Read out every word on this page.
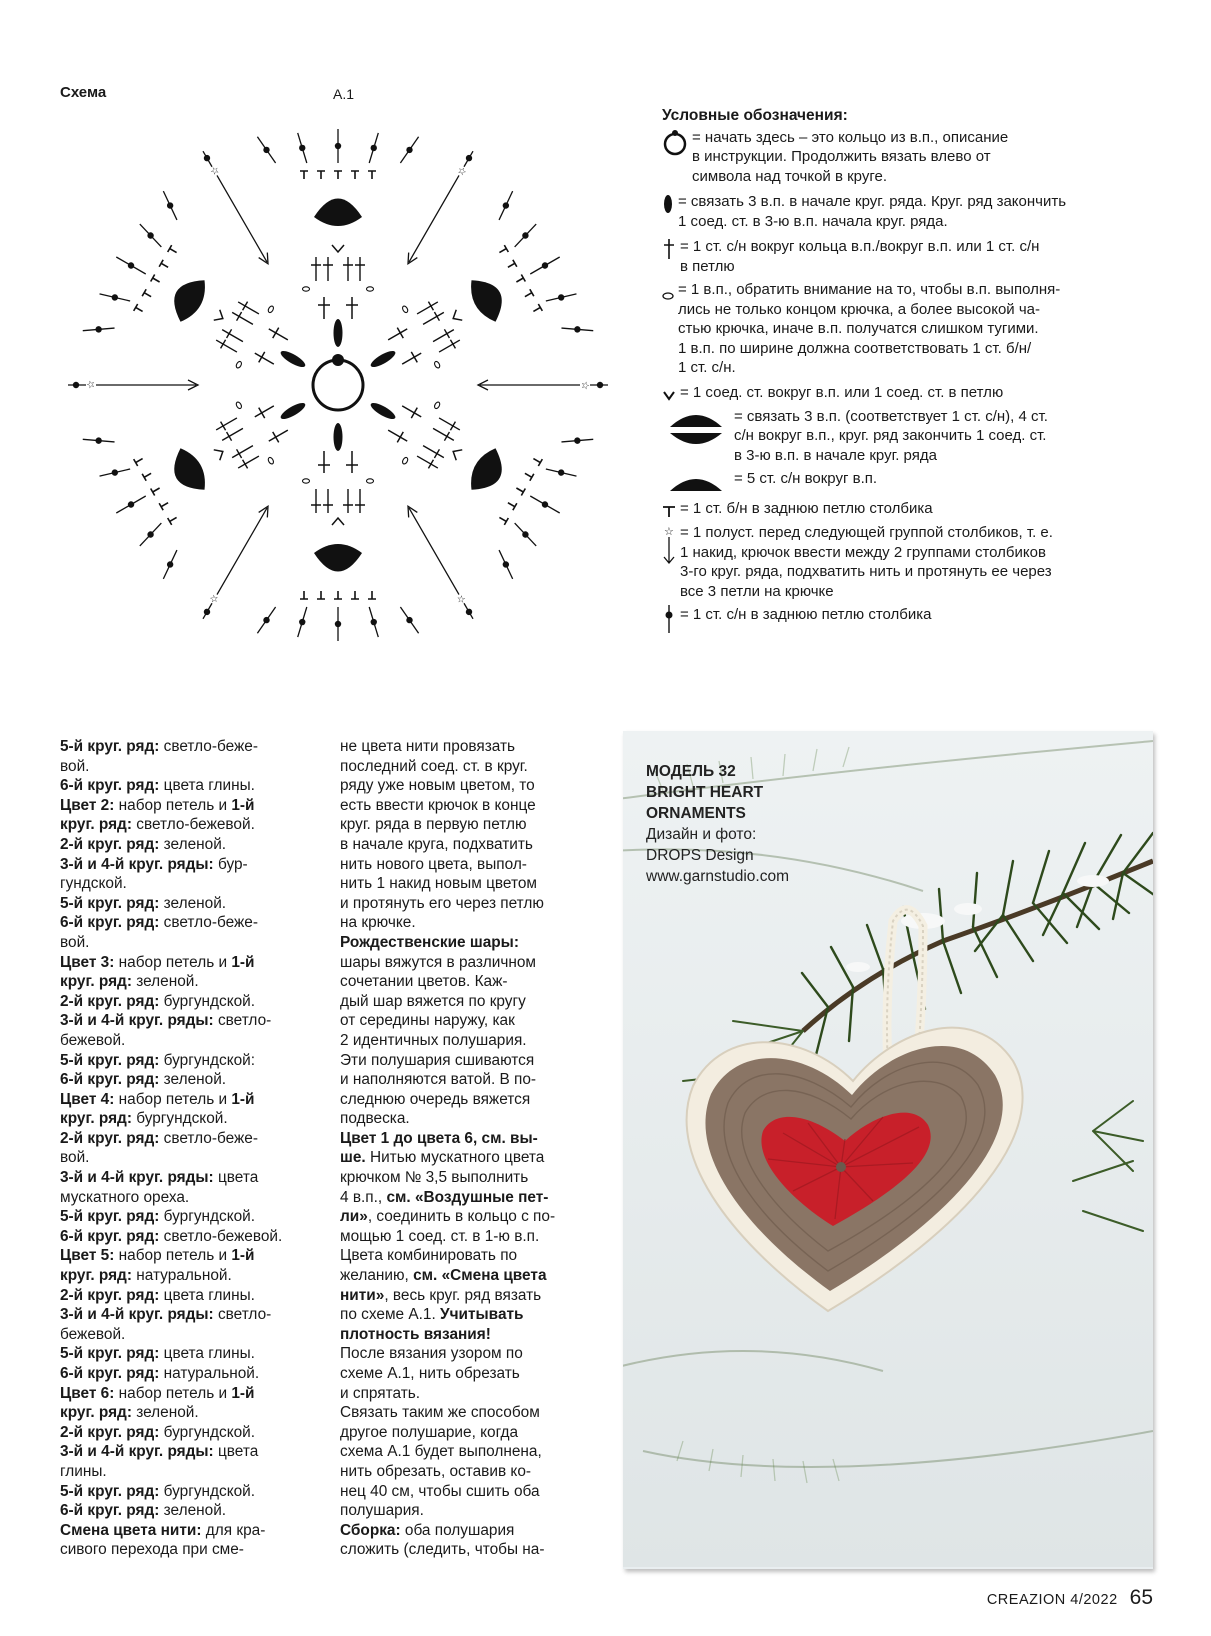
Схема	A.1
☆
☆
☆
☆
☆
☆
Условные обозначения:
= начать здесь – это кольцо из в.п., описание
в инструкции. Продолжить вязать влево от
символа над точкой в круге.
= связать 3 в.п. в начале круг. ряда. Круг. ряд закончить
1 соед. ст. в 3-ю в.п. начала круг. ряда.
= 1 ст. с/н вокруг кольца в.п./вокруг в.п. или 1 ст. с/н
в петлю
= 1 в.п., обратить внимание на то, чтобы в.п. выполня-
лись не только концом крючка, а более высокой ча-
стью крючка, иначе в.п. получатся слишком тугими.
1 в.п. по ширине должна соответствовать 1 ст. б/н/
1 ст. с/н.
= 1 соед. ст. вокруг в.п. или 1 соед. ст. в петлю
= связать 3 в.п. (соответствует 1 ст. с/н), 4 ст.
с/н вокруг в.п., круг. ряд закончить 1 соед. ст.
в 3-ю в.п. в начале круг. ряда
= 5 ст. с/н вокруг в.п.
= 1 ст. б/н в заднюю петлю столбика
☆ = 1 полуст. перед следующей группой столбиков, т. е.
1 накид, крючок ввести между 2 группами столбиков
3-го круг. ряда, подхватить нить и протянуть ее через
все 3 петли на крючке
= 1 ст. с/н в заднюю петлю столбика
5-й круг. ряд: светло-беже-
вой.
6-й круг. ряд: цвета глины.
Цвет 2: набор петель и 1-й
круг. ряд: светло-бежевой.
2-й круг. ряд: зеленой.
3-й и 4-й круг. ряды: бур-
гундской.
5-й круг. ряд: зеленой.
6-й круг. ряд: светло-беже-
вой.
Цвет 3: набор петель и 1-й
круг. ряд: зеленой.
2-й круг. ряд: бургундской.
3-й и 4-й круг. ряды: светло-
бежевой.
5-й круг. ряд: бургундской:
6-й круг. ряд: зеленой.
Цвет 4: набор петель и 1-й
круг. ряд: бургундской.
2-й круг. ряд: светло-беже-
вой.
3-й и 4-й круг. ряды: цвета
мускатного ореха.
5-й круг. ряд: бургундской.
6-й круг. ряд: светло-бежевой.
Цвет 5: набор петель и 1-й
круг. ряд: натуральной.
2-й круг. ряд: цвета глины.
3-й и 4-й круг. ряды: светло-
бежевой.
5-й круг. ряд: цвета глины.
6-й круг. ряд: натуральной.
Цвет 6: набор петель и 1-й
круг. ряд: зеленой.
2-й круг. ряд: бургундской.
3-й и 4-й круг. ряды: цвета
глины.
5-й круг. ряд: бургундской.
6-й круг. ряд: зеленой.
Смена цвета нити: для кра-
сивого перехода при сме-
не цвета нити провязать
последний соед. ст. в круг.
ряду уже новым цветом, то
есть ввести крючок в конце
круг. ряда в первую петлю
в начале круга, подхватить
нить нового цвета, выпол-
нить 1 накид новым цветом
и протянуть его через петлю
на крючке.
Рождественские шары:
шары вяжутся в различном
сочетании цветов. Каж-
дый шар вяжется по кругу
от середины наружу, как
2 идентичных полушария.
Эти полушария сшиваются
и наполняются ватой. В по-
следнюю очередь вяжется
подвеска.
Цвет 1 до цвета 6, см. вы-
ше. Нитью мускатного цвета
крючком № 3,5 выполнить
4 в.п., см. «Воздушные пет-
ли», соединить в кольцо с по-
мощью 1 соед. ст. в 1-ю в.п.
Цвета комбинировать по
желанию, см. «Смена цвета
нити», весь круг. ряд вязать
по схеме A.1. Учитывать
плотность вязания!
После вязания узором по
схеме A.1, нить обрезать
и спрятать.
Связать таким же способом
другое полушарие, когда
схема A.1 будет выполнена,
нить обрезать, оставив ко-
нец 40 см, чтобы сшить оба
полушария.
Сборка: оба полушария
сложить (следить, чтобы на-
МОДЕЛЬ 32
BRIGHT HEART
ORNAMENTS
Дизайн и фото:
DROPS Design
www.garnstudio.com
CREAZION 4/2022 65
